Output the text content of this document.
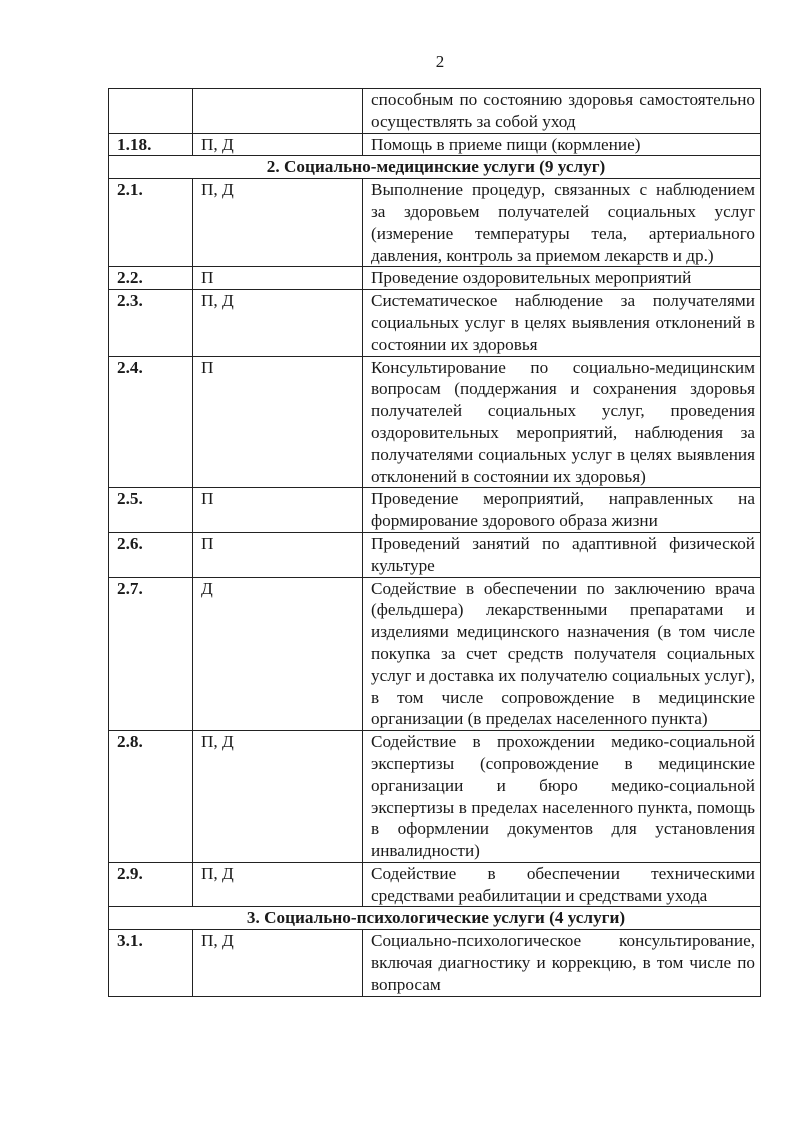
2
		способным по состоянию здоровья самостоятельно осуществлять за собой уход
1.18.	П, Д	Помощь в приеме пищи (кормление)
2. Социально-медицинские услуги (9 услуг)		
2.1.	П, Д	Выполнение процедур, связанных с наблюдением за здоровьем получателей социальных услуг (измерение температуры тела, артериального давления, контроль за приемом лекарств и др.)
2.2.	П	Проведение оздоровительных мероприятий
2.3.	П, Д	Систематическое наблюдение за получателями социальных услуг в целях выявления отклонений в состоянии их здоровья
2.4.	П	Консультирование по социально-медицинским вопросам (поддержания и сохранения здоровья получателей социальных услуг, проведения оздоровительных мероприятий, наблюдения за получателями социальных услуг в целях выявления отклонений в состоянии их здоровья)
2.5.	П	Проведение мероприятий, направленных на формирование здорового образа жизни
2.6.	П	Проведений занятий по адаптивной физической культуре
2.7.	Д	Содействие в обеспечении по заключению врача (фельдшера) лекарственными препаратами и изделиями медицинского назначения (в том числе покупка за счет средств получателя социальных услуг и доставка их получателю социальных услуг), в том числе сопровождение в медицинские организации (в пределах населенного пункта)
2.8.	П, Д	Содействие в прохождении медико-социальной экспертизы (сопровождение в медицинские организации и бюро медико-социальной экспертизы в пределах населенного пункта, помощь в оформлении документов для установления инвалидности)
2.9.	П, Д	Содействие в обеспечении техническими средствами реабилитации и средствами ухода
3. Социально-психологические услуги (4 услуги)		
3.1.	П, Д	Социально-психологическое консультирование, включая диагностику и коррекцию, в том числе по вопросам
